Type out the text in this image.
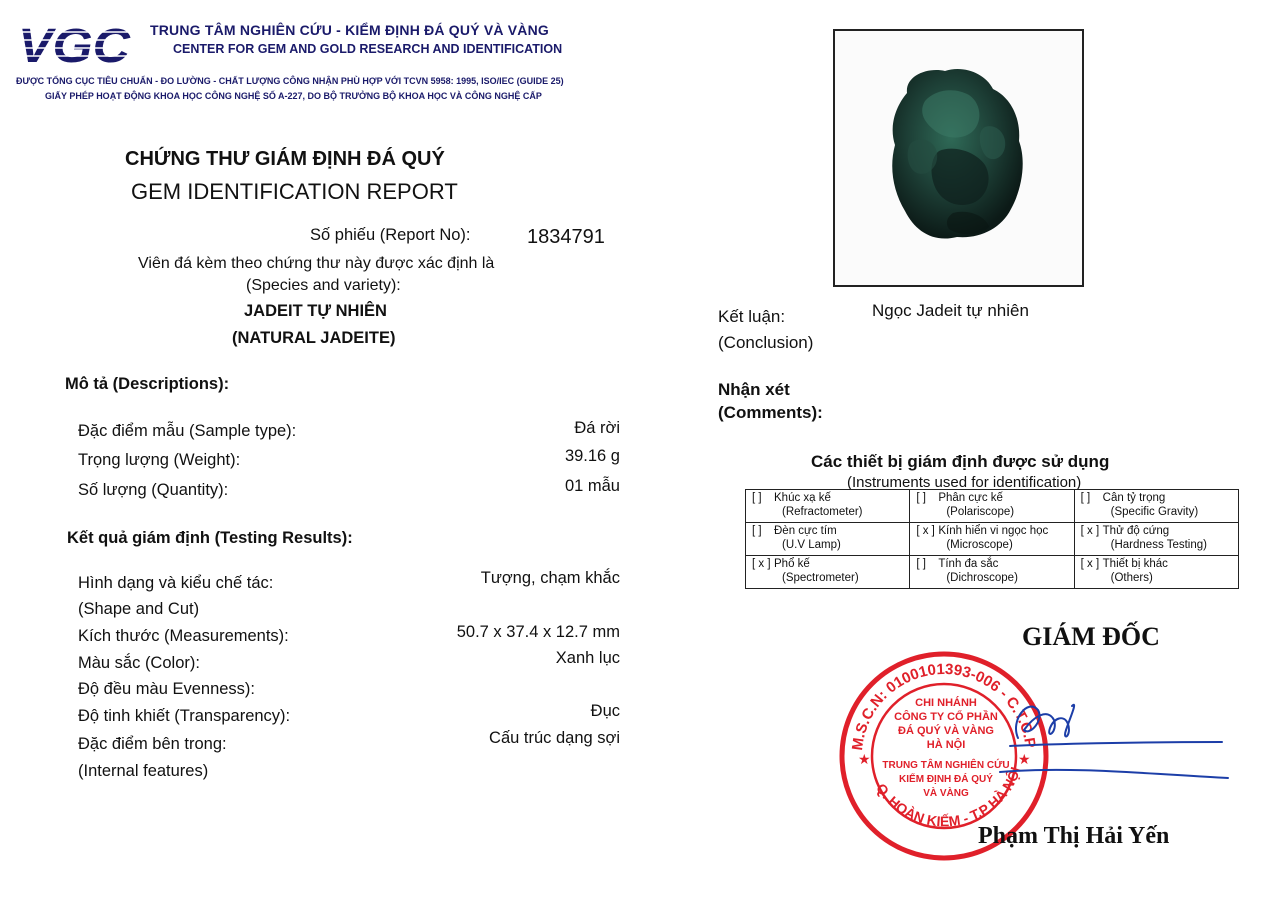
VGC TRUNG TÂM NGHIÊN CỨU - KIỂM ĐỊNH ĐÁ QUÝ VÀ VÀNG
CENTER FOR GEM AND GOLD RESEARCH AND IDENTIFICATION
ĐƯỢC TỔNG CỤC TIÊU CHUẨN - ĐO LƯỜNG - CHẤT LƯỢNG CÔNG NHẬN PHÙ HỢP VỚI TCVN 5958: 1995, ISO/IEC (GUIDE 25)
GIẤY PHÉP HOẠT ĐỘNG KHOA HỌC CÔNG NGHỆ SỐ A-227, DO BỘ TRƯỞNG BỘ KHOA HỌC VÀ CÔNG NGHỆ CẤP
CHỨNG THƯ GIÁM ĐỊNH ĐÁ QUÝ
GEM IDENTIFICATION REPORT
Số phiếu (Report No):	1834791
Viên đá kèm theo chứng thư này được xác định là
(Species and variety):
JADEIT TỰ NHIÊN
(NATURAL JADEITE)
Mô tả (Descriptions):
Đặc điểm mẫu (Sample type):	Đá rời
Trọng lượng (Weight):	39.16 g
Số lượng (Quantity):	01 mẫu
Kết quả giám định (Testing Results):
Hình dạng và kiểu chế tác:	Tượng, chạm khắc
(Shape and Cut)
Kích thước (Measurements):	50.7 x 37.4 x 12.7 mm
Màu sắc (Color):	Xanh lục
Độ đều màu Evenness):
Độ tinh khiết (Transparency):	Đục
Đặc điểm bên trong:	Cấu trúc dạng sợi
(Internal features)
Kết luận:
(Conclusion)
Ngọc Jadeit tự nhiên
Nhận xét
(Comments):
Các thiết bị giám định được sử dụng
(Instruments used for identification)
[ ] Khúc xạ kế
(Refractometer)	[ ] Phân cực kế
(Polariscope)	[ ] Cân tỷ trọng
(Specific Gravity)

[ ] Đèn cực tím
(U.V Lamp)	[ x ] Kính hiển vi ngọc học
(Microscope)	[ x ] Thử độ cứng
(Hardness Testing)

[ x ] Phổ kế
(Spectrometer)	[ ] Tính đa sắc
(Dichroscope)	[ x ] Thiết bị khác
(Others)
GIÁM ĐỐC
M.S.C.N: 0100101393-006 - C.T.C.P
Q. HOÀN KIẾM - T.P HÀ NỘI
★	★
CHI NHÁNH
CÔNG TY CỔ PHẦN
ĐÁ QUÝ VÀ VÀNG
HÀ NỘI
TRUNG TÂM NGHIÊN CỨU
KIỂM ĐỊNH ĐÁ QUÝ
VÀ VÀNG
Phạm Thị Hải Yến
